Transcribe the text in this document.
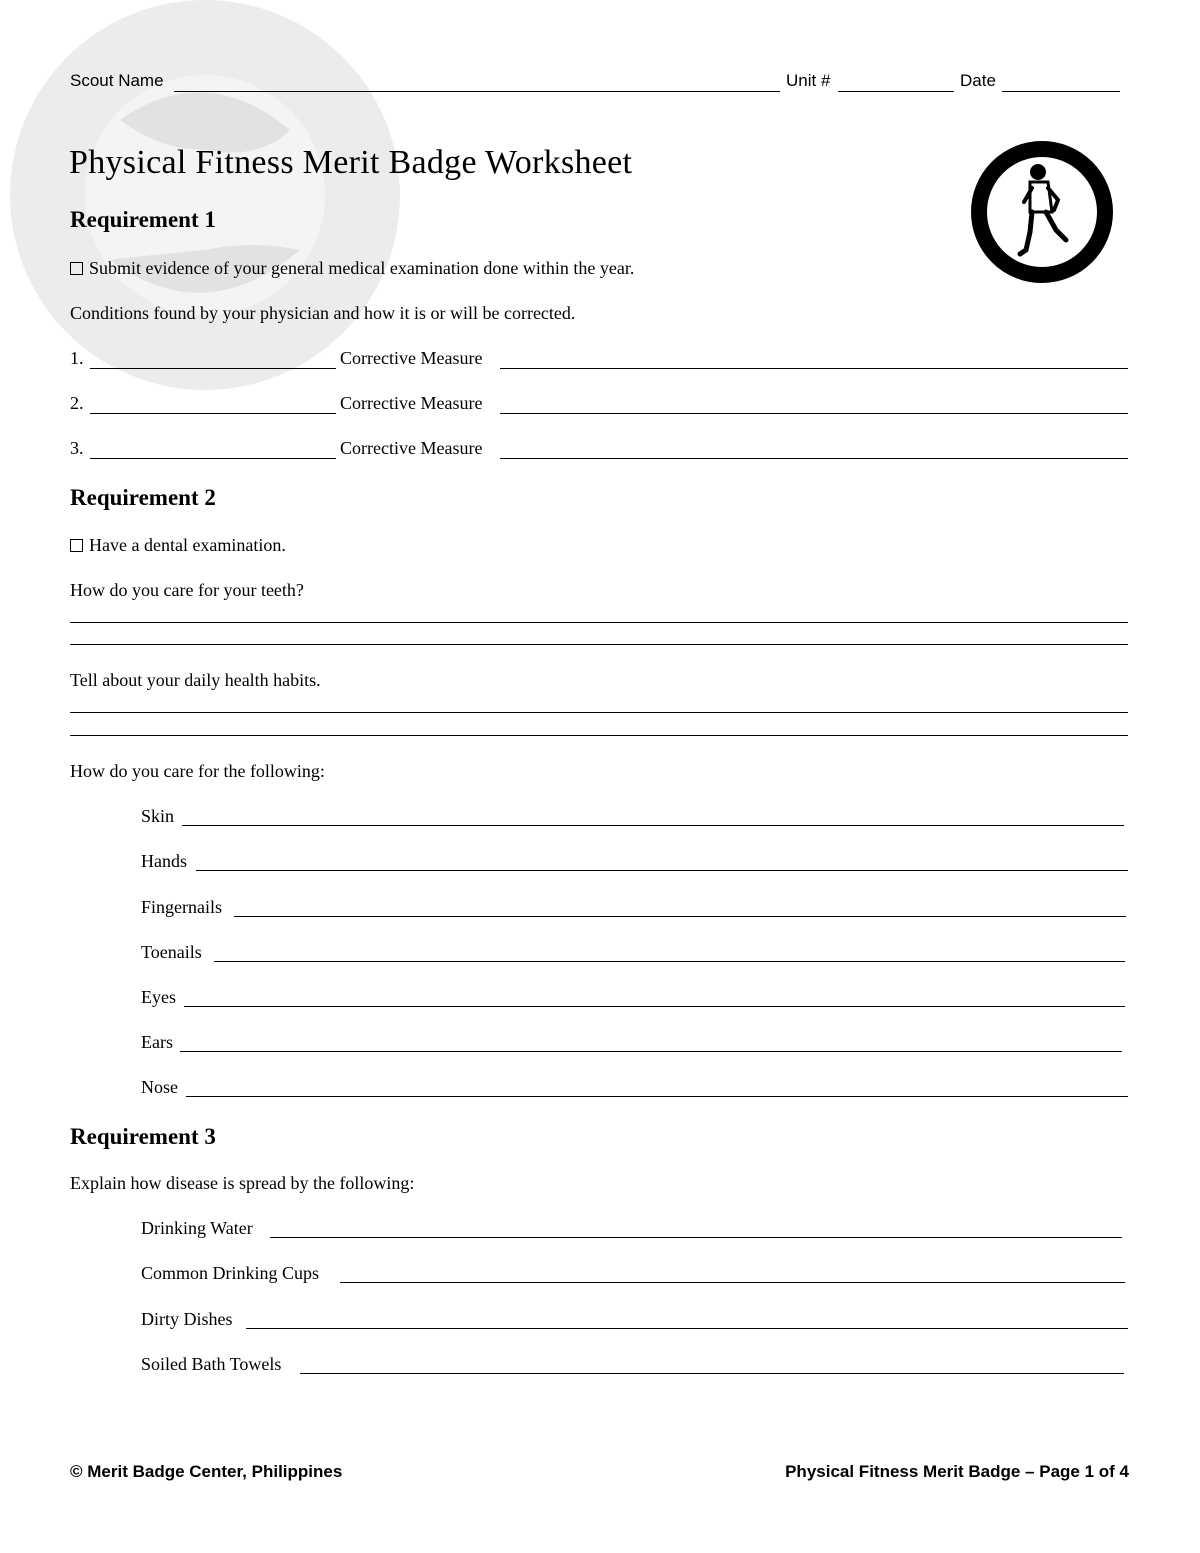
Scout Name	Unit #	Date
Physical Fitness Merit Badge Worksheet
Requirement 1
Submit evidence of your general medical examination done within the year.
Conditions found by your physician and how it is or will be corrected.
1.	Corrective Measure
2.	Corrective Measure
3.	Corrective Measure
Requirement 2
Have a dental examination.
How do you care for your teeth?
Tell about your daily health habits.
How do you care for the following:
Skin
Hands
Fingernails
Toenails
Eyes
Ears
Nose
Requirement 3
Explain how disease is spread by the following:
Drinking Water
Common Drinking Cups
Dirty Dishes
Soiled Bath Towels
© Merit Badge Center, Philippines	Physical Fitness Merit Badge – Page 1 of 4
